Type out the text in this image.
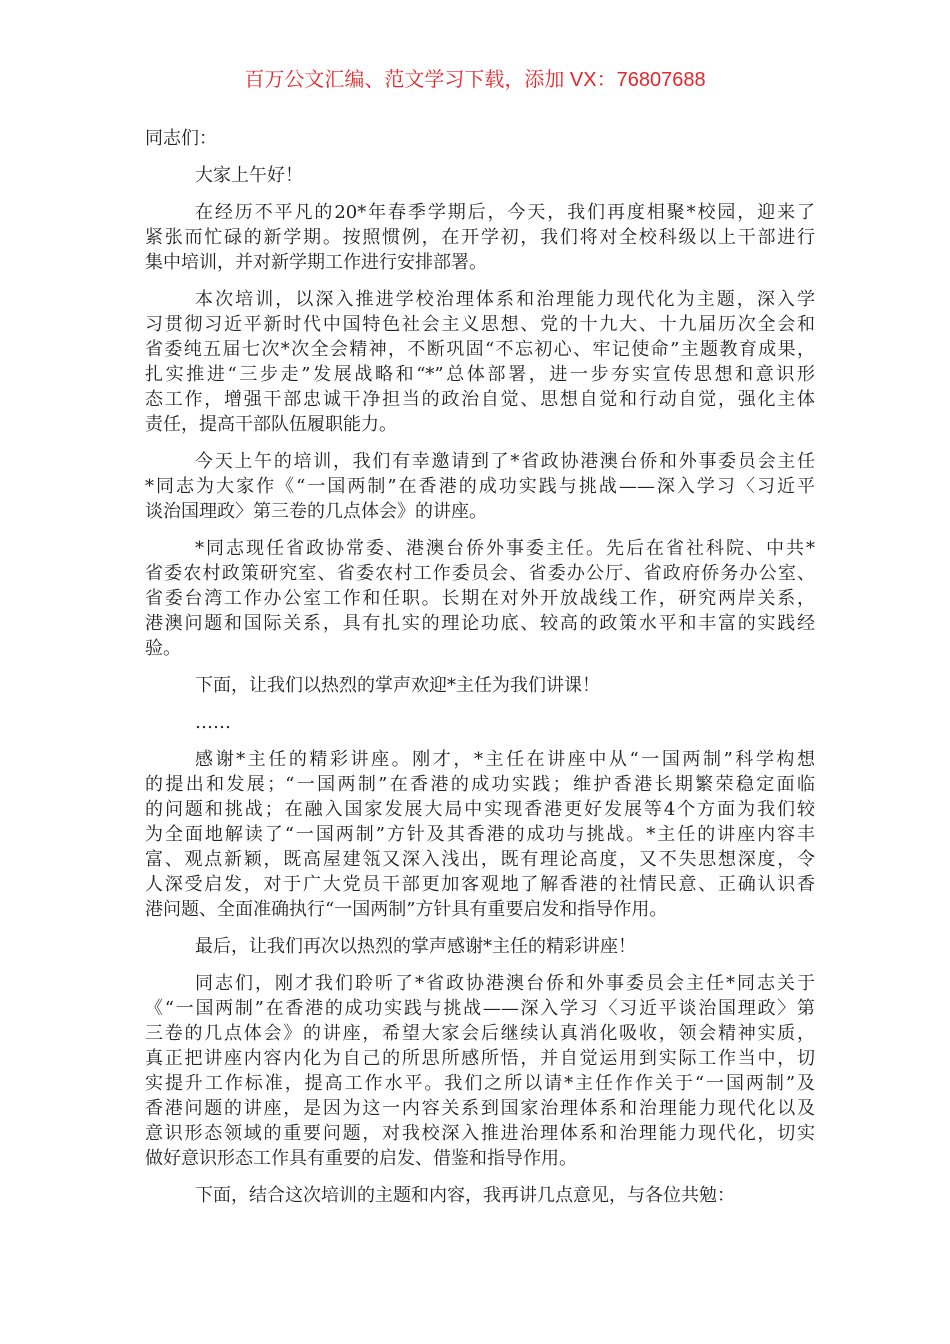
百万公文汇编、范文学习下载，添加 VX：76807688
同志们：
大家上午好！
在经历不平凡的20*年春季学期后，今天，我们再度相聚*校园，迎来了
紧张而忙碌的新学期。按照惯例，在开学初，我们将对全校科级以上干部进行
集中培训，并对新学期工作进行安排部署。
本次培训，以深入推进学校治理体系和治理能力现代化为主题，深入学
习贯彻习近平新时代中国特色社会主义思想、党的十九大、十九届历次全会和
省委纯五届七次*次全会精神，不断巩固“不忘初心、牢记使命”主题教育成果，
扎实推进“三步走”发展战略和“*”总体部署，进一步夯实宣传思想和意识形
态工作，增强干部忠诚干净担当的政治自觉、思想自觉和行动自觉，强化主体
责任，提高干部队伍履职能力。
今天上午的培训，我们有幸邀请到了*省政协港澳台侨和外事委员会主任
*同志为大家作《“一国两制”在香港的成功实践与挑战——深入学习〈习近平
谈治国理政〉第三卷的几点体会》的讲座。
*同志现任省政协常委、港澳台侨外事委主任。先后在省社科院、中共*
省委农村政策研究室、省委农村工作委员会、省委办公厅、省政府侨务办公室、
省委台湾工作办公室工作和任职。长期在对外开放战线工作，研究两岸关系，
港澳问题和国际关系，具有扎实的理论功底、较高的政策水平和丰富的实践经
验。
下面，让我们以热烈的掌声欢迎*主任为我们讲课！
……
感谢*主任的精彩讲座。刚才，*主任在讲座中从“一国两制”科学构想
的提出和发展；“一国两制”在香港的成功实践；维护香港长期繁荣稳定面临
的问题和挑战；在融入国家发展大局中实现香港更好发展等4个方面为我们较
为全面地解读了“一国两制”方针及其香港的成功与挑战。*主任的讲座内容丰
富、观点新颖，既高屋建瓴又深入浅出，既有理论高度，又不失思想深度，令
人深受启发，对于广大党员干部更加客观地了解香港的社情民意、正确认识香
港问题、全面准确执行“一国两制”方针具有重要启发和指导作用。
最后，让我们再次以热烈的掌声感谢*主任的精彩讲座！
同志们，刚才我们聆听了*省政协港澳台侨和外事委员会主任*同志关于
《“一国两制”在香港的成功实践与挑战——深入学习〈习近平谈治国理政〉第
三卷的几点体会》的讲座，希望大家会后继续认真消化吸收，领会精神实质，
真正把讲座内容内化为自己的所思所感所悟，并自觉运用到实际工作当中，切
实提升工作标准，提高工作水平。我们之所以请*主任作作关于“一国两制”及
香港问题的讲座，是因为这一内容关系到国家治理体系和治理能力现代化以及
意识形态领域的重要问题，对我校深入推进治理体系和治理能力现代化，切实
做好意识形态工作具有重要的启发、借鉴和指导作用。
下面，结合这次培训的主题和内容，我再讲几点意见，与各位共勉：
